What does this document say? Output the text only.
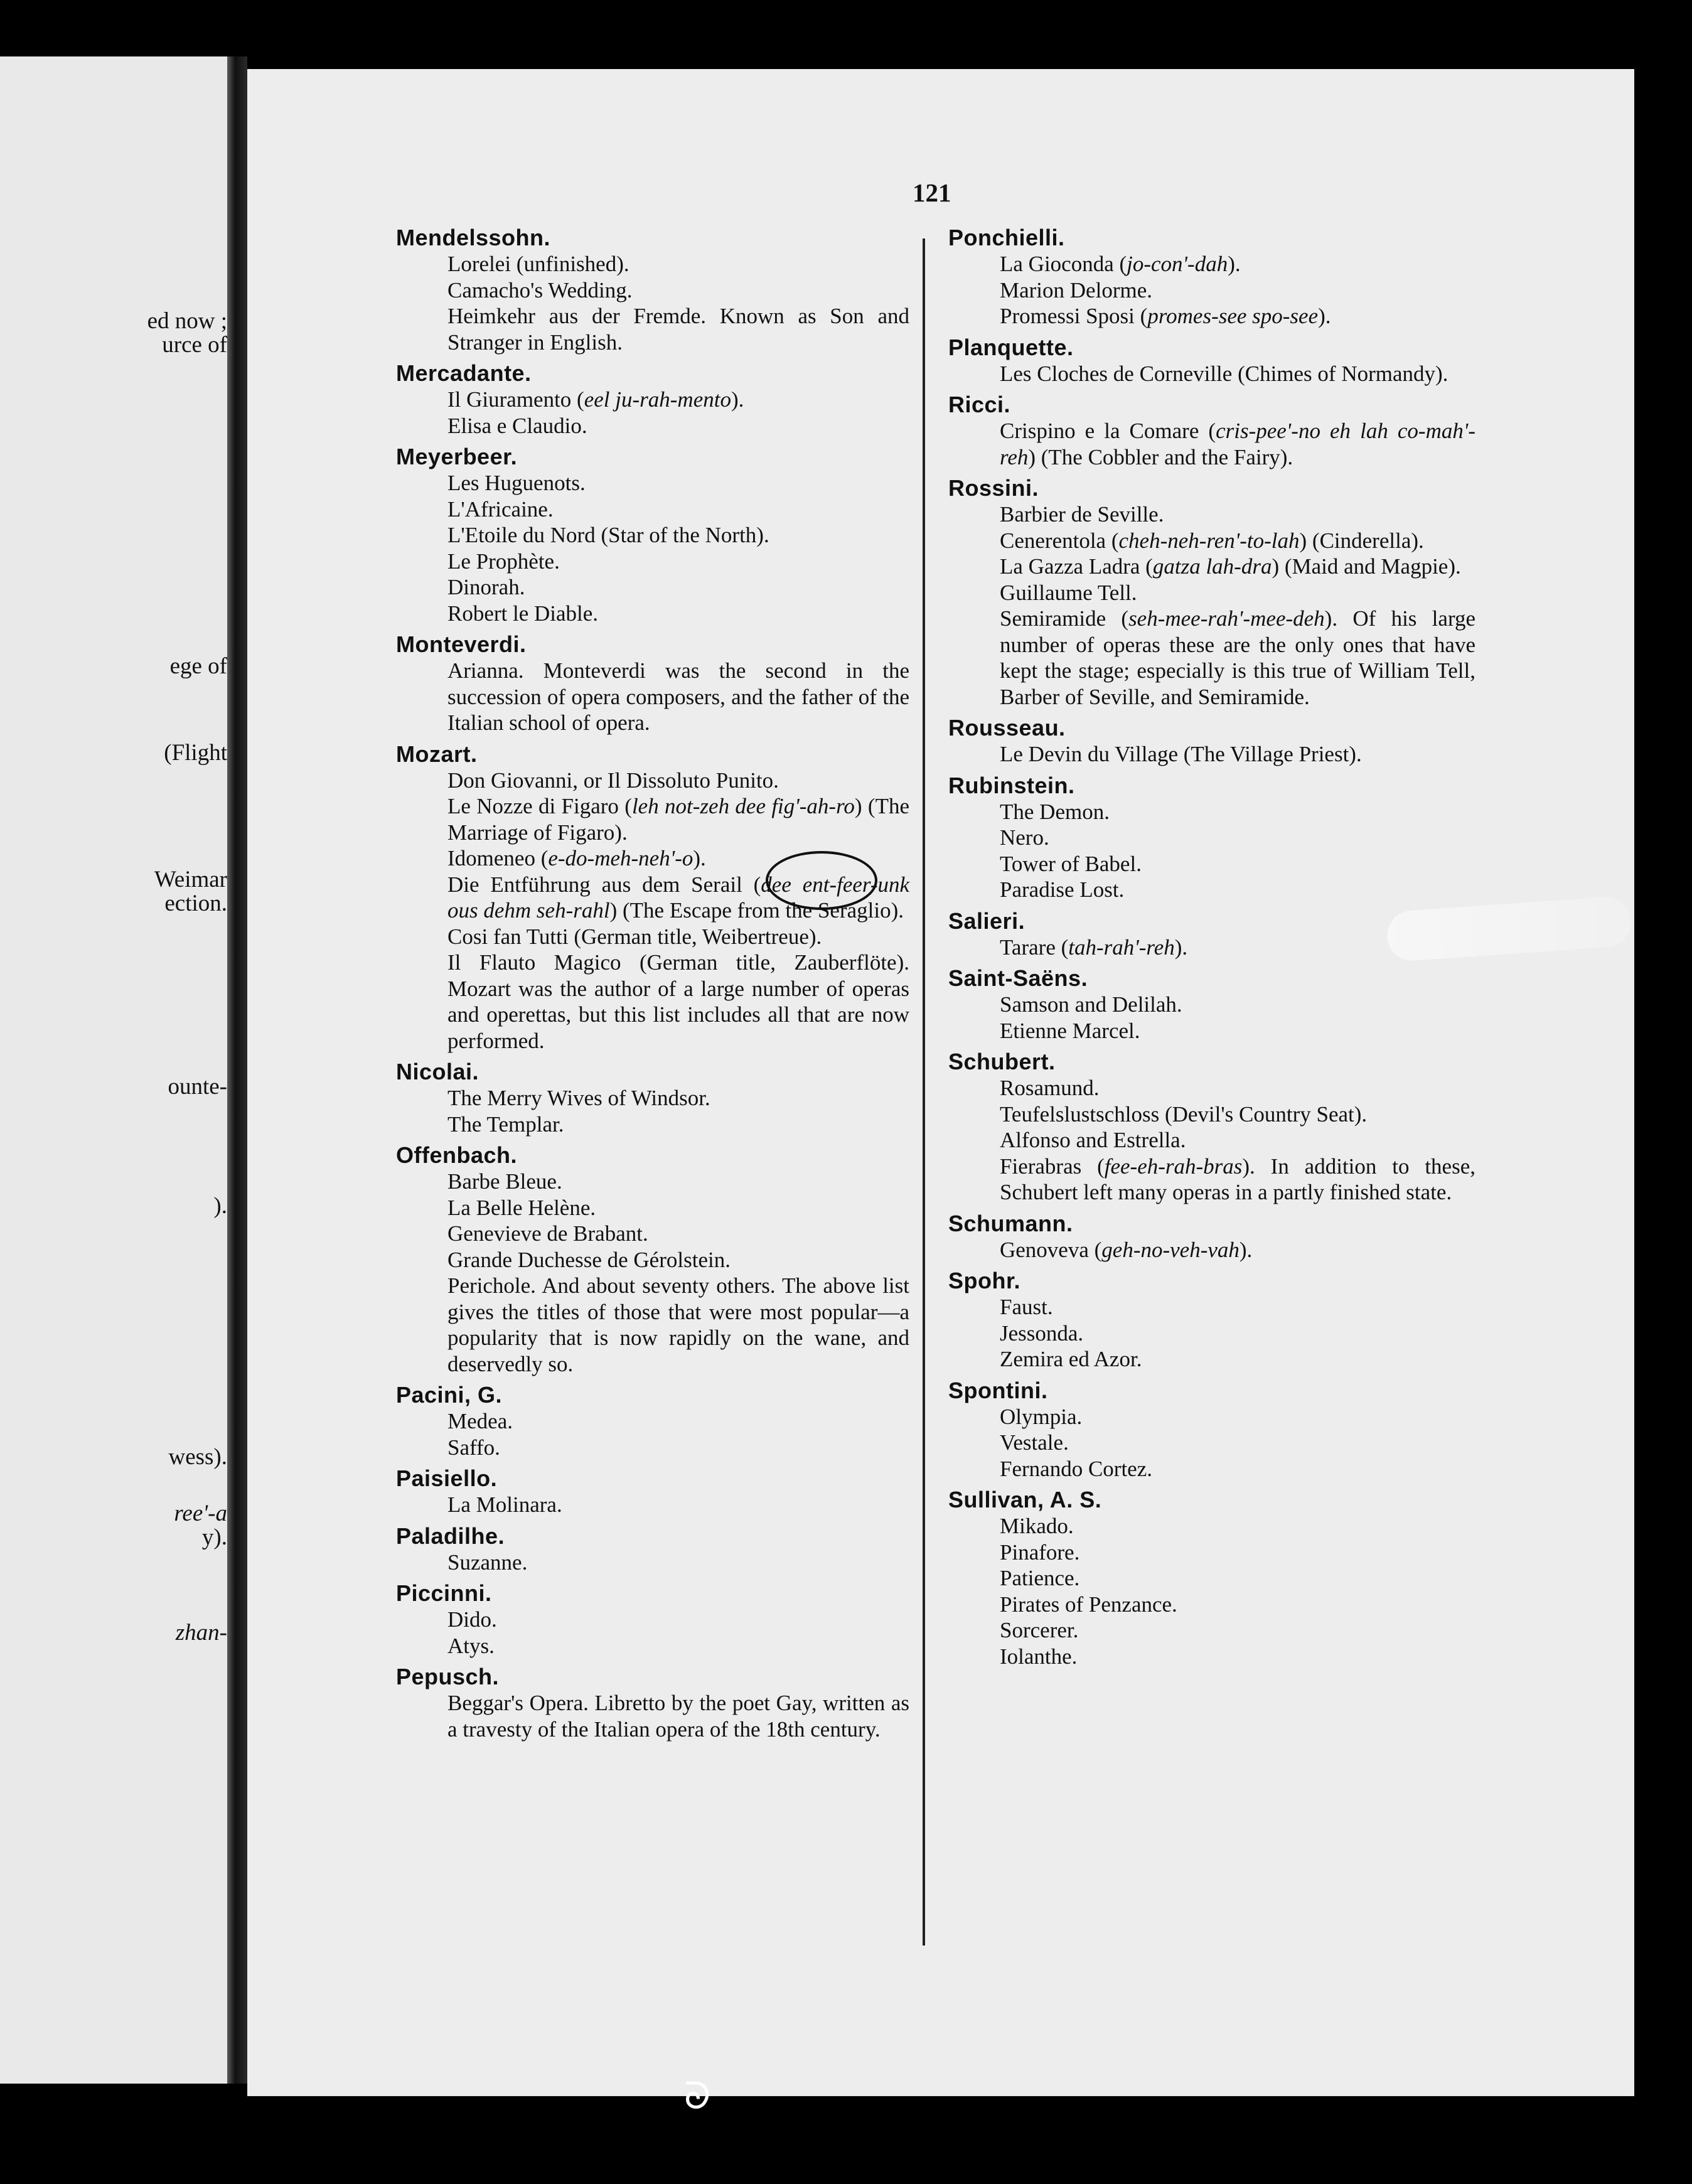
ed now ;
urce of
ege of
(Flight
Weimar
ection.
ounte-
).
wess).
ree'-a
y).
zhan-
121
Mendelssohn.
Lorelei (unfinished).
Camacho's Wedding.
Heimkehr aus der Fremde. Known as Son and Stranger in English.
Mercadante.
Il Giuramento (eel ju-rah-mento).
Elisa e Claudio.
Meyerbeer.
Les Huguenots.
L'Africaine.
L'Etoile du Nord (Star of the North).
Le Prophète.
Dinorah.
Robert le Diable.
Monteverdi.
Arianna. Monteverdi was the second in the succession of opera composers, and the father of the Italian school of opera.
Mozart.
Don Giovanni, or Il Dissoluto Punito.
Le Nozze di Figaro (leh not-zeh dee fig'-ah-ro) (The Marriage of Figaro).
Idomeneo (e-do-meh-neh'-o).
Die Entführung aus dem Serail (dee ent-feer-unk ous dehm seh-rahl) (The Escape from the Seraglio).
Cosi fan Tutti (German title, Weibertreue).
Il Flauto Magico (German title, Zauberflöte). Mozart was the author of a large number of operas and operettas, but this list includes all that are now performed.
Nicolai.
The Merry Wives of Windsor.
The Templar.
Offenbach.
Barbe Bleue.
La Belle Helène.
Genevieve de Brabant.
Grande Duchesse de Gérolstein.
Perichole. And about seventy others. The above list gives the titles of those that were most popular—a popularity that is now rapidly on the wane, and deservedly so.
Pacini, G.
Medea.
Saffo.
Paisiello.
La Molinara.
Paladilhe.
Suzanne.
Piccinni.
Dido.
Atys.
Pepusch.
Beggar's Opera. Libretto by the poet Gay, written as a travesty of the Italian opera of the 18th century.
Ponchielli.
La Gioconda (jo-con'-dah).
Marion Delorme.
Promessi Sposi (promes-see spo-see).
Planquette.
Les Cloches de Corneville (Chimes of Normandy).
Ricci.
Crispino e la Comare (cris-pee'-no eh lah co-mah'-reh) (The Cobbler and the Fairy).
Rossini.
Barbier de Seville.
Cenerentola (cheh-neh-ren'-to-lah) (Cinderella).
La Gazza Ladra (gatza lah-dra) (Maid and Magpie).
Guillaume Tell.
Semiramide (seh-mee-rah'-mee-deh). Of his large number of operas these are the only ones that have kept the stage; especially is this true of William Tell, Barber of Seville, and Semiramide.
Rousseau.
Le Devin du Village (The Village Priest).
Rubinstein.
The Demon.
Nero.
Tower of Babel.
Paradise Lost.
Salieri.
Tarare (tah-rah'-reh).
Saint-Saëns.
Samson and Delilah.
Etienne Marcel.
Schubert.
Rosamund.
Teufelslustschloss (Devil's Country Seat).
Alfonso and Estrella.
Fierabras (fee-eh-rah-bras). In addition to these, Schubert left many operas in a partly finished state.
Schumann.
Genoveva (geh-no-veh-vah).
Spohr.
Faust.
Jessonda.
Zemira ed Azor.
Spontini.
Olympia.
Vestale.
Fernando Cortez.
Sullivan, A. S.
Mikado.
Pinafore.
Patience.
Pirates of Penzance.
Sorcerer.
Iolanthe.
ᘐ
